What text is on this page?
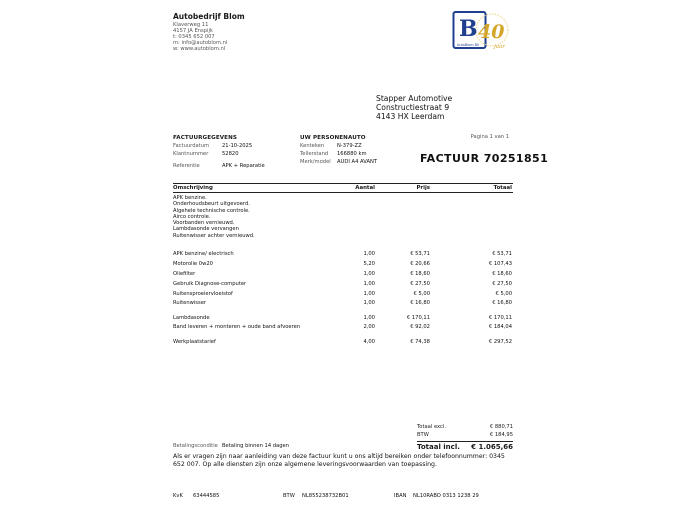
Autobedrijf Blom
Klaverweg 11
4157 JA Enspijk
t: 0345 652 007
m: info@autoblom.nl
w: www.autoblom.nl
B 40
jaar
AutoBlom BV
Stapper Automotive
Constructiestraat 9
4143 HX Leerdam
FACTUURGEGEVENS
Factuurdatum 21-10-2025
Klantnummer	52820
Referentie	APK + Reparatie
UW PERSONENAUTO
Kenteken N-379-ZZ
Tellerstand 166880 km
Merk/model AUDI A4 AVANT
Pagina 1 van 1
FACTUUR 70251851
Omschrijving	Aantal	Prijs	Totaal
APK benzine.
Onderhoudsbeurt uitgevoerd.
Algehele technische controle.
Airco controle.
Voorbanden vernieuwd.
Lambdasonde vervangen
Ruitenwisser achter vernieuwd.
APK benzine/ electrisch	1,00	€ 53,71	€ 53,71
Motorolie 0w20	5,20	€ 20,66	€ 107,43
Oliefilter	1,00	€ 18,60	€ 18,60
Gebruik Diagnose-computer	1,00	€ 27,50	€ 27,50
Ruitensproeiervloeistof	1,00	€ 5,00	€ 5,00
Ruitenwisser	1,00	€ 16,80	€ 16,80
Lambdasonde	1,00	€ 170,11	€ 170,11
Band leveren + monteren + oude band afvoeren	2,00	€ 92,02	€ 184,04
Werkplaatstarief	4,00	€ 74,38	€ 297,52
Totaal excl.	€ 880,71
BTW	€ 184,95
Totaal incl. € 1.065,66
Betalingsconditie Betaling binnen 14 dagen
Als er vragen zijn naar aanleiding van deze factuur kunt u ons altijd bereiken onder telefoonnummer: 0345 652 007. Op alle diensten zijn onze algemene leveringsvoorwaarden van toepassing.
KvK 63444585	BTW NL855238732B01	IBAN NL10RABO 0313 1238 29
